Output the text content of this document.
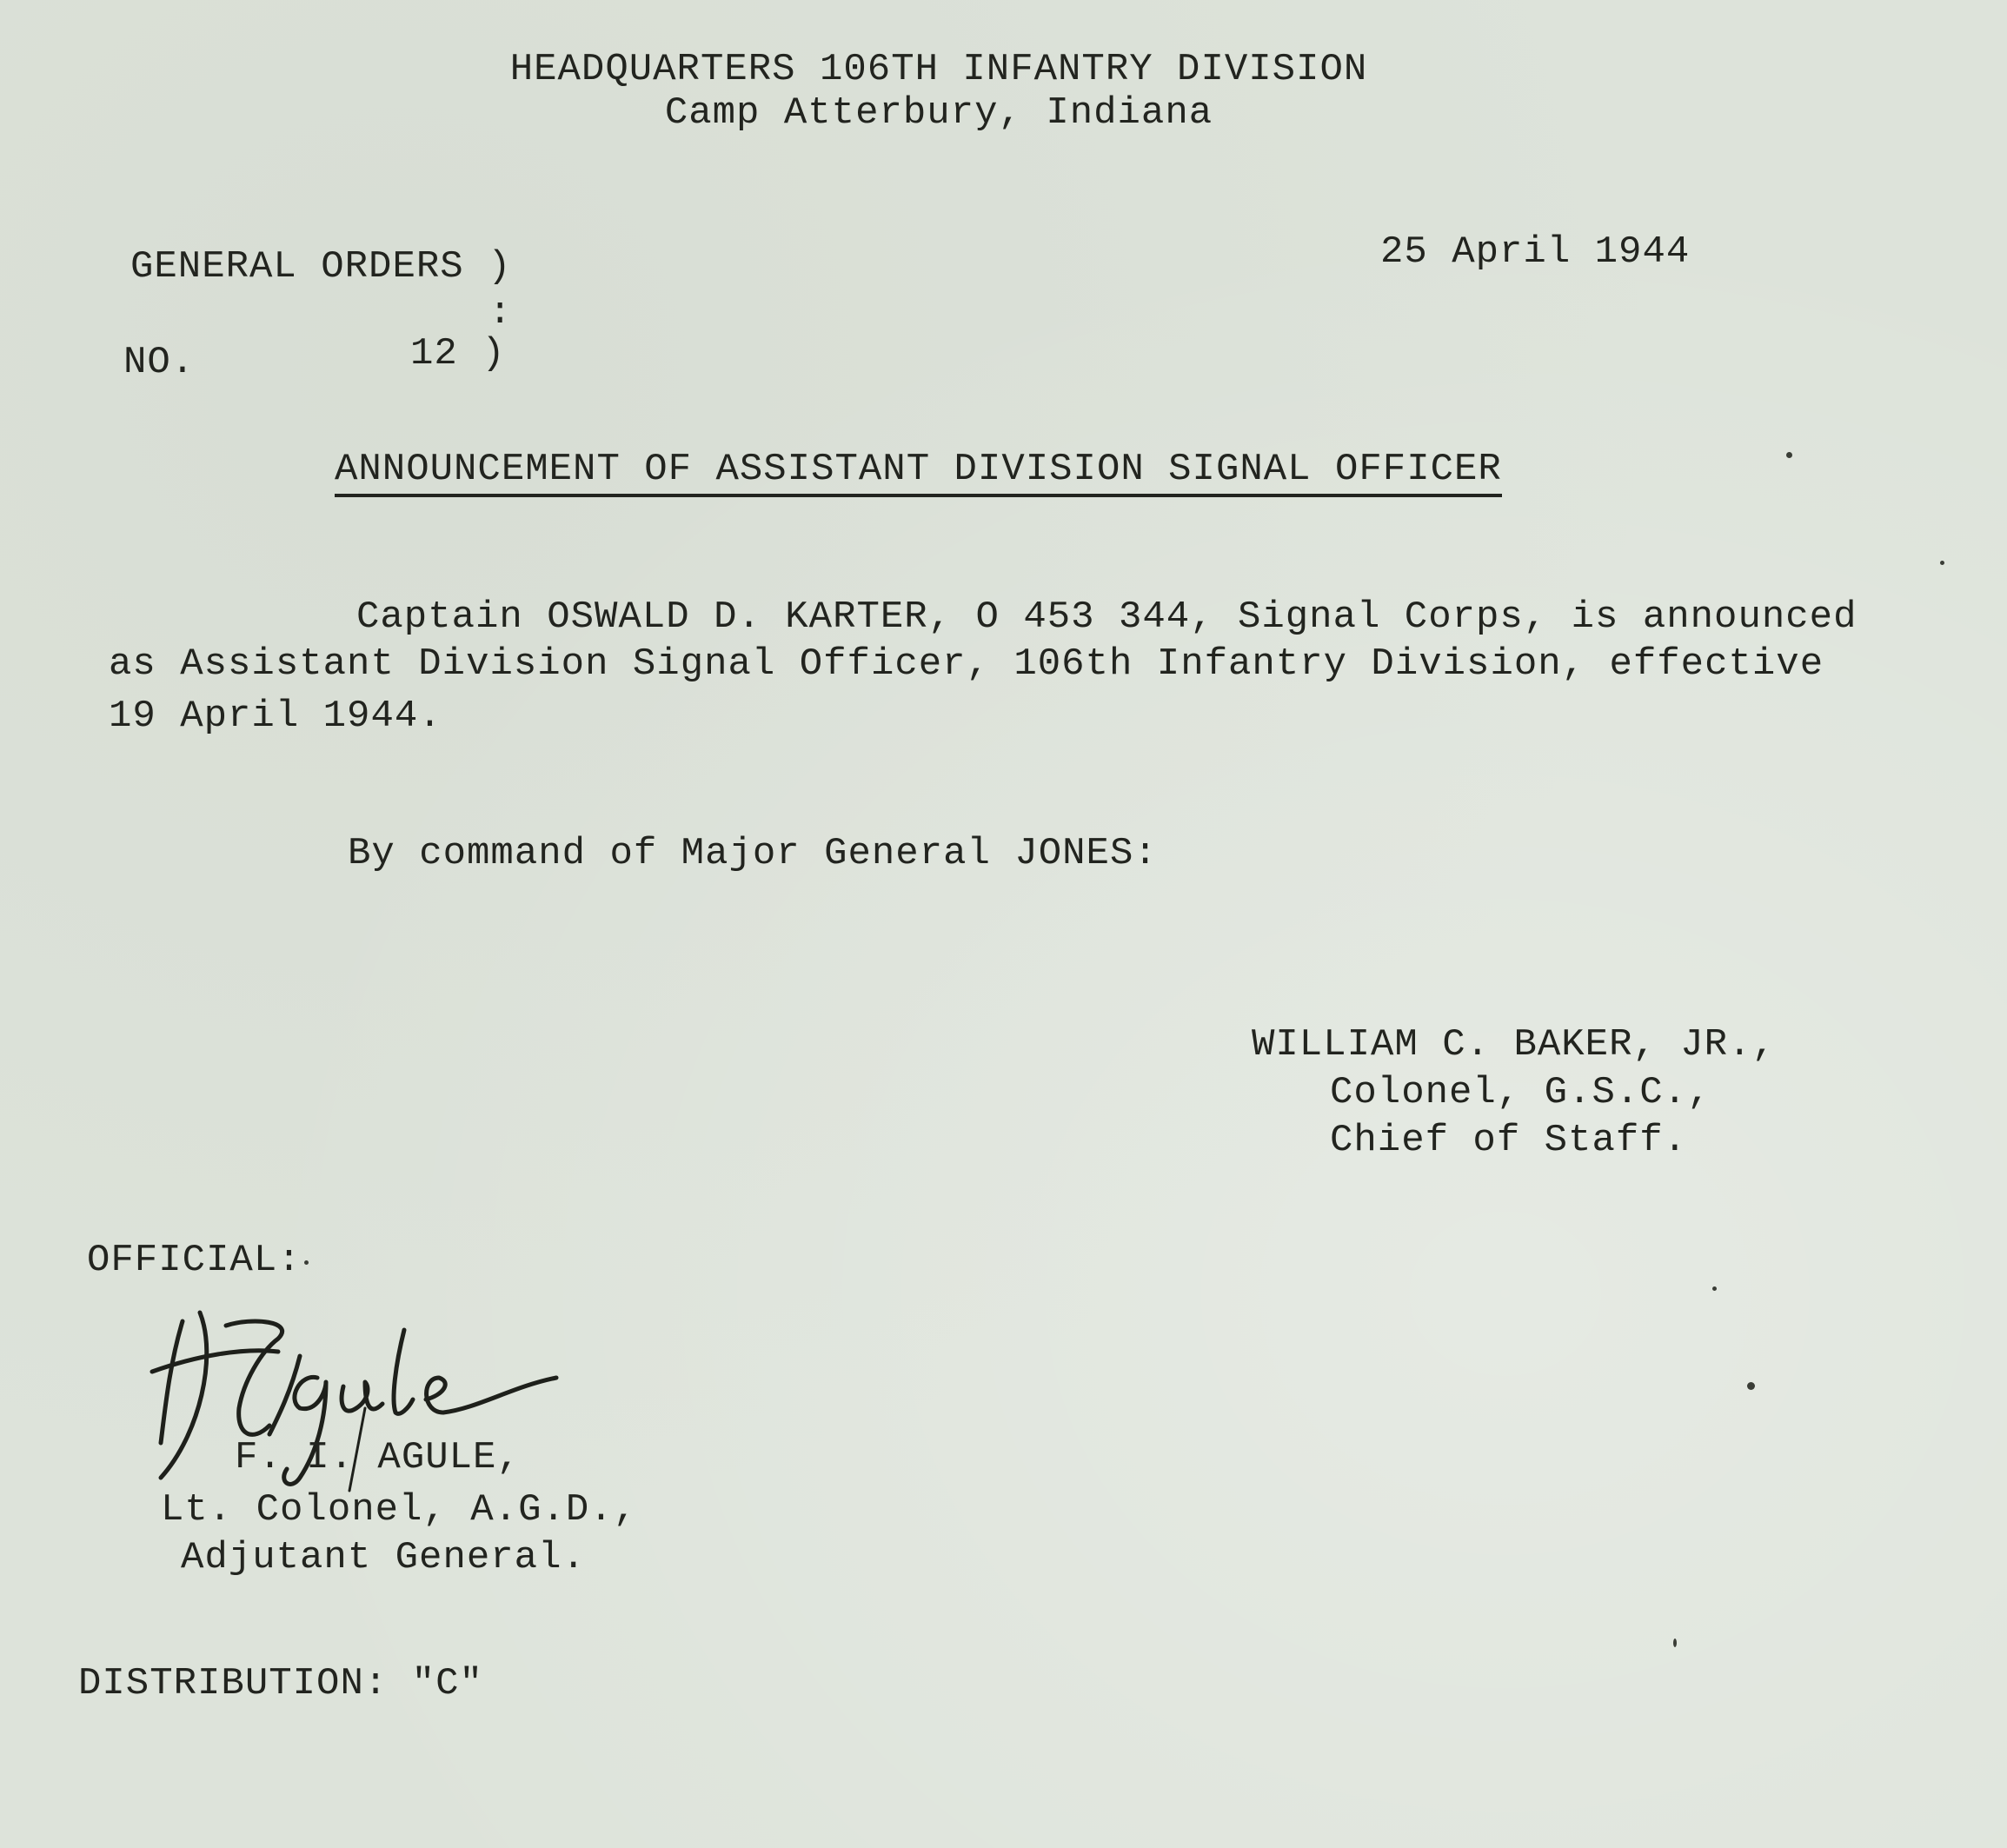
HEADQUARTERS 106TH INFANTRY DIVISION
Camp Atterbury, Indiana
GENERAL ORDERS )
:
NO.	12 )
25 April 1944
ANNOUNCEMENT OF ASSISTANT DIVISION SIGNAL OFFICER
Captain OSWALD D. KARTER, O 453 344, Signal Corps, is announced
as Assistant Division Signal Officer, 106th Infantry Division, effective
19 April 1944.
By command of Major General JONES:
WILLIAM C. BAKER, JR.,
Colonel, G.S.C.,
Chief of Staff.
OFFICIAL:
F. I. AGULE,
Lt. Colonel, A.G.D.,
Adjutant General.
DISTRIBUTION: "C"
